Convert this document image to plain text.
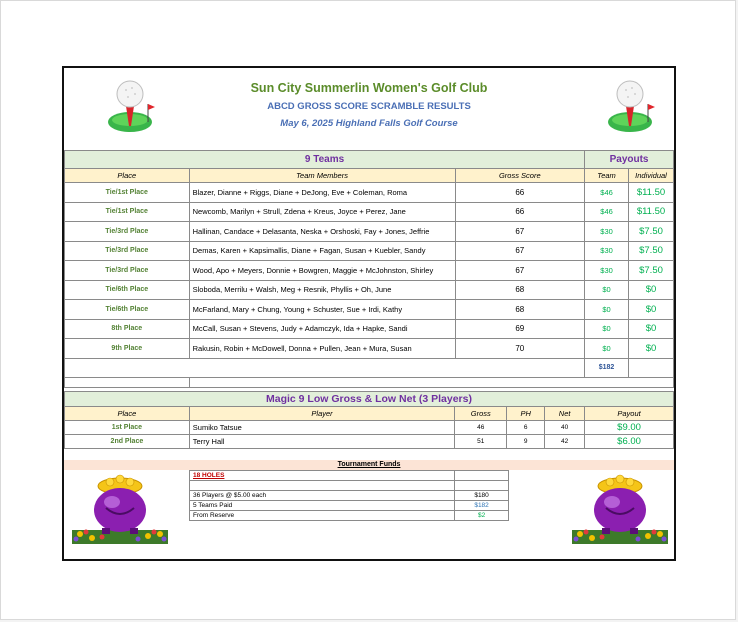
Sun City Summerlin Women's Golf Club
ABCD GROSS SCORE SCRAMBLE RESULTS
May 6, 2025 Highland Falls Golf Course
9 Teams			Payouts	
Place	Team Members	Gross Score	Team	Individual
Tie/1st Place	Blazer, Dianne + Riggs, Diane + DeJong, Eve + Coleman, Roma	66	$46	$11.50
Tie/1st Place	Newcomb, Marilyn + Strull, Zdena + Kreus, Joyce + Perez, Jane	66	$46	$11.50
Tie/3rd Place	Hallinan, Candace + Delasanta, Neska + Orshoski, Fay + Jones, Jeffrie	67	$30	$7.50
Tie/3rd Place	Demas, Karen + Kapsimallis, Diane + Fagan, Susan + Kuebler, Sandy	67	$30	$7.50
Tie/3rd Place	Wood, Apo + Meyers, Donnie + Bowgren, Maggie + McJohnston, Shirley	67	$30	$7.50
Tie/6th Place	Sloboda, Merrilu + Walsh, Meg + Resnik, Phyllis + Oh, June	68	$0	$0
Tie/6th Place	McFarland, Mary + Chung, Young + Schuster, Sue + Irdi, Kathy	68	$0	$0
8th Place	McCall, Susan + Stevens, Judy + Adamczyk, Ida + Hapke, Sandi	69	$0	$0
9th Place	Rakusin, Robin + McDowell, Donna + Pullen, Jean + Mura, Susan	70	$0	$0
			$182	

Magic 9 Low Gross & Low Net (3 Players)					
Place	Player	Gross	PH	Net	Payout
1st Place	Sumiko Tatsue	46	6	40	$9.00
2nd Place	Terry Hall	51	9	42	$6.00
Tournament Funds
18 HOLES	

36 Players @ $5.00 each	$180
5 Teams Paid	$182
From Reserve	$2
